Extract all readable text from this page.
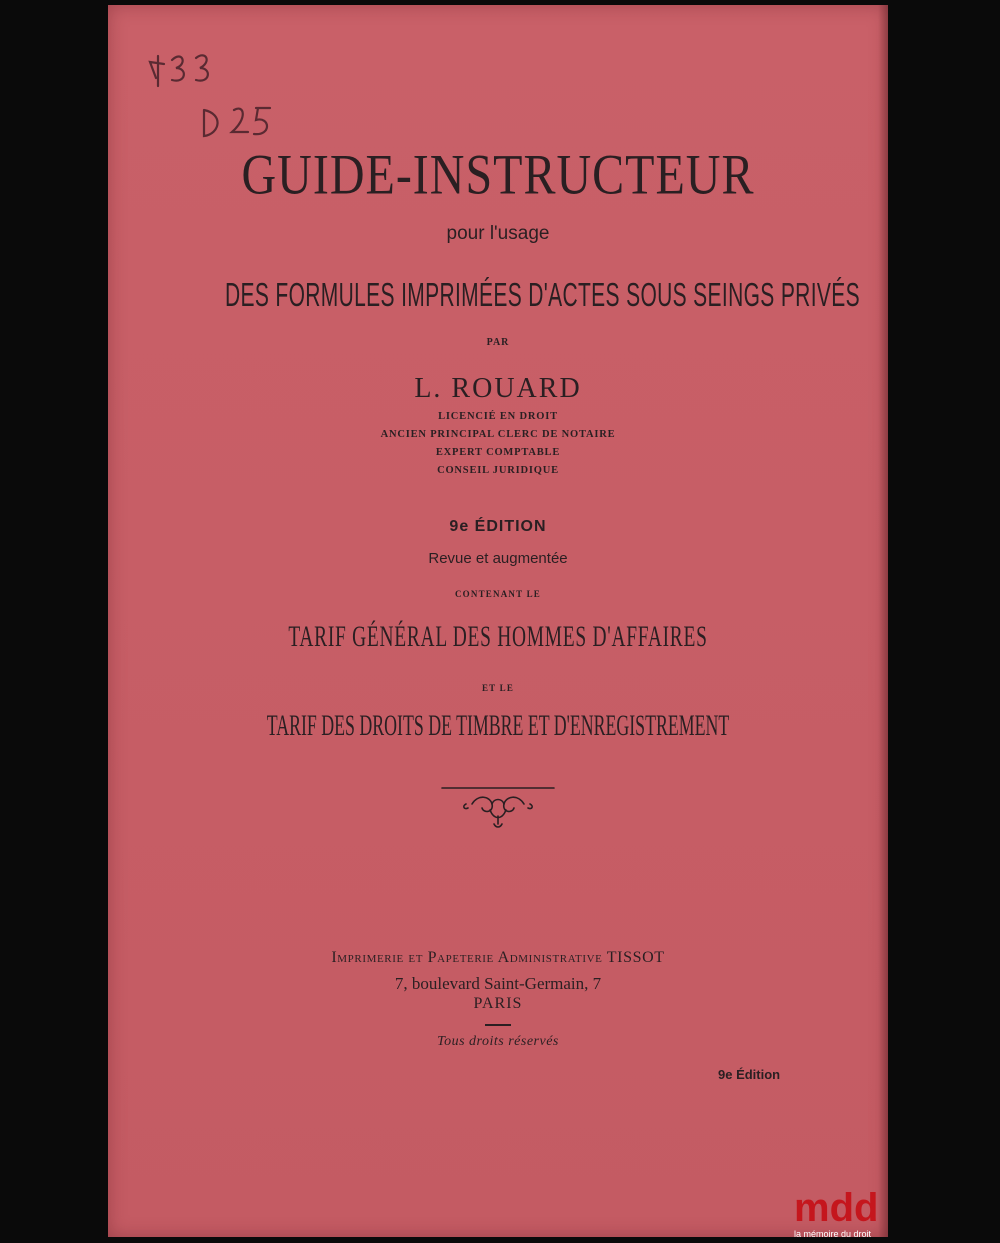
GUIDE-INSTRUCTEUR
pour l'usage
DES FORMULES IMPRIMÉES D'ACTES SOUS SEINGS PRIVÉS
PAR
L. ROUARD
LICENCIÉ EN DROIT
ANCIEN PRINCIPAL CLERC DE NOTAIRE
EXPERT COMPTABLE
CONSEIL JURIDIQUE
9e ÉDITION
Revue et augmentée
CONTENANT LE
TARIF GÉNÉRAL DES HOMMES D'AFFAIRES
ET LE
TARIF DES DROITS DE TIMBRE ET D'ENREGISTREMENT
Imprimerie et Papeterie Administrative TISSOT
7, boulevard Saint-Germain, 7
PARIS
Tous droits réservés
9e Édition
mdd
la mémoire du droit
